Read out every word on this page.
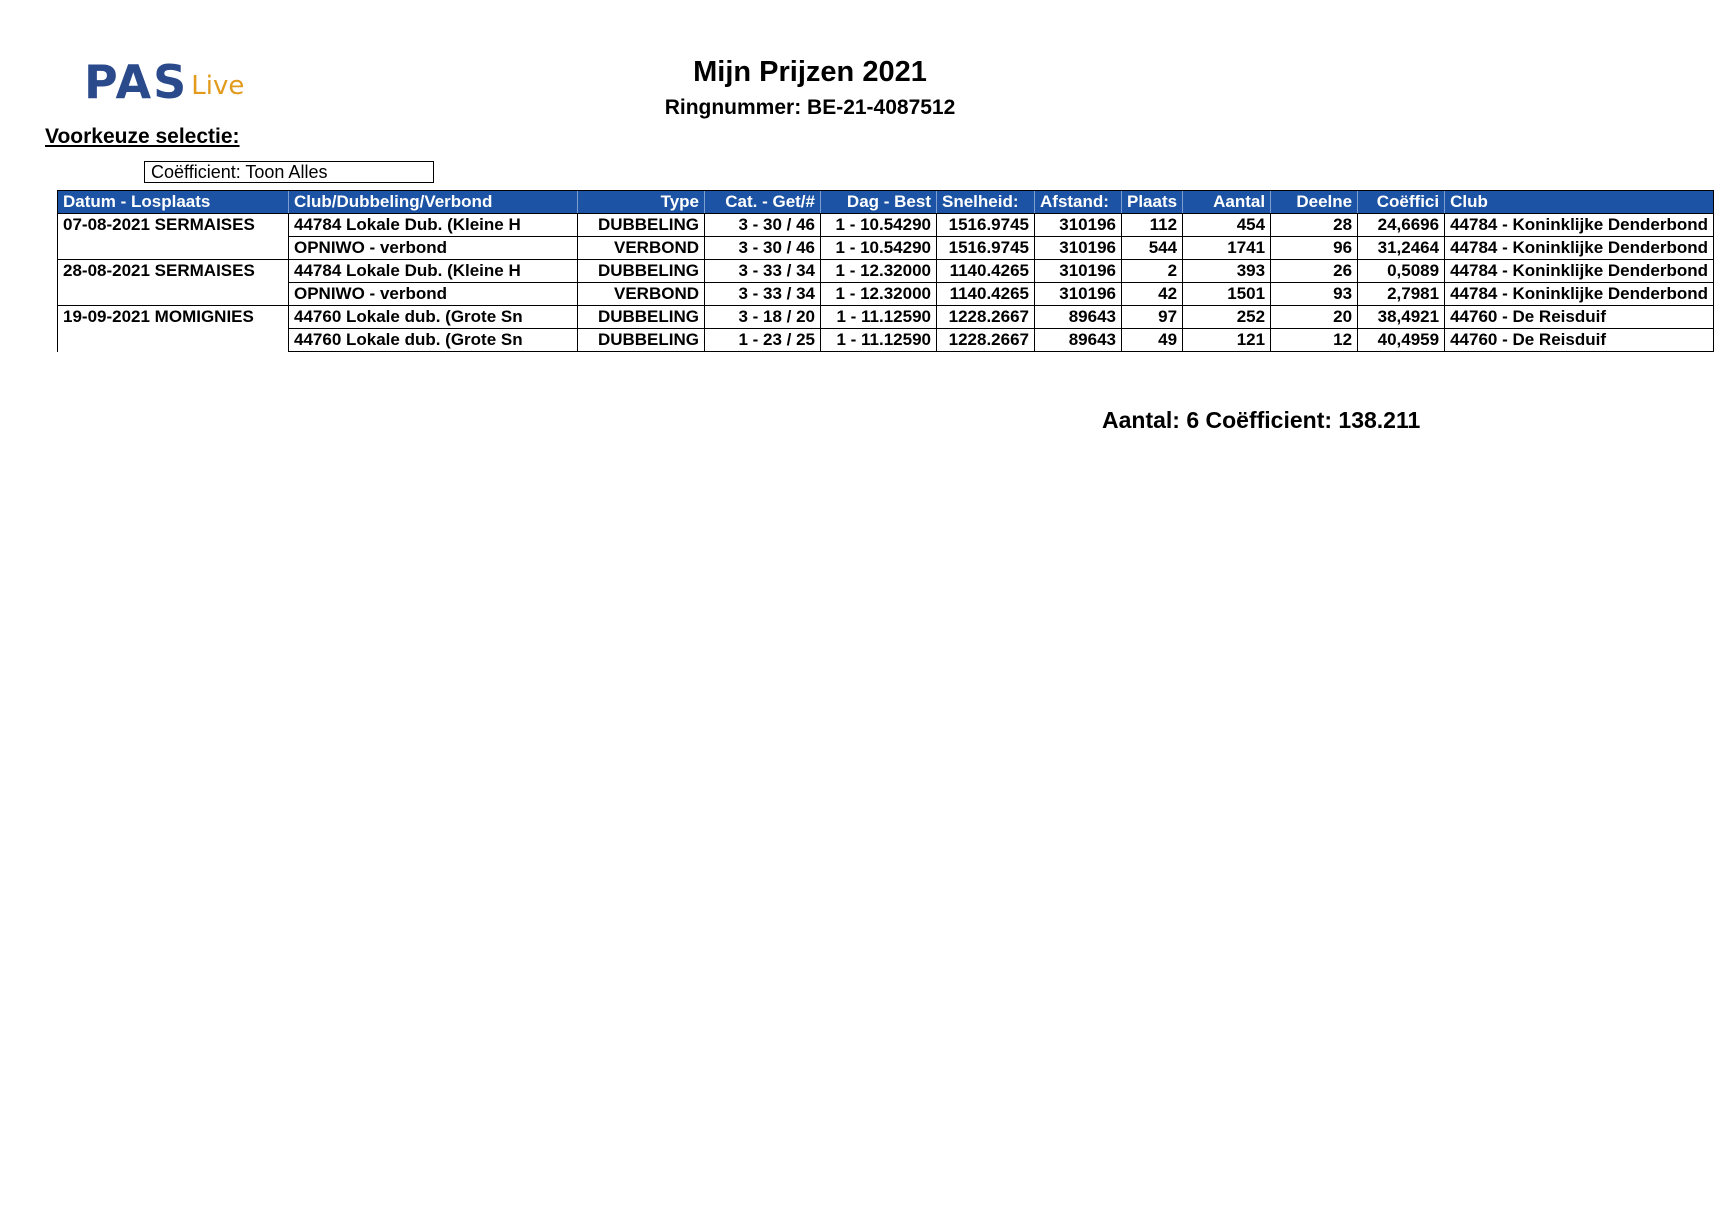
PAS Live	Mijn Prijzen 2021
Ringnummer: BE-21-4087512
Voorkeuze selectie:
Coëfficient: Toon Alles
Datum - Losplaats	Club/Dubbeling/Verbond	Type	Cat. - Get/#	Dag - Best	Snelheid:	Afstand:	Plaats	Aantal	Deelne	Coëffici	Club
07-08-2021 SERMAISES	44784 Lokale Dub. (Kleine H	DUBBELING	3 - 30 / 46	1 - 10.54290	1516.9745	310196	112	454	28	24,6696	44784 - Koninklijke Denderbond
	OPNIWO - verbond	VERBOND	3 - 30 / 46	1 - 10.54290	1516.9745	310196	544	1741	96	31,2464	44784 - Koninklijke Denderbond
28-08-2021 SERMAISES	44784 Lokale Dub. (Kleine H	DUBBELING	3 - 33 / 34	1 - 12.32000	1140.4265	310196	2	393	26	0,5089	44784 - Koninklijke Denderbond
	OPNIWO - verbond	VERBOND	3 - 33 / 34	1 - 12.32000	1140.4265	310196	42	1501	93	2,7981	44784 - Koninklijke Denderbond
19-09-2021 MOMIGNIES	44760 Lokale dub. (Grote Sn	DUBBELING	3 - 18 / 20	1 - 11.12590	1228.2667	89643	97	252	20	38,4921	44760 - De Reisduif
	44760 Lokale dub. (Grote Sn	DUBBELING	1 - 23 / 25	1 - 11.12590	1228.2667	89643	49	121	12	40,4959	44760 - De Reisduif
Aantal: 6 Coëfficient: 138.211
